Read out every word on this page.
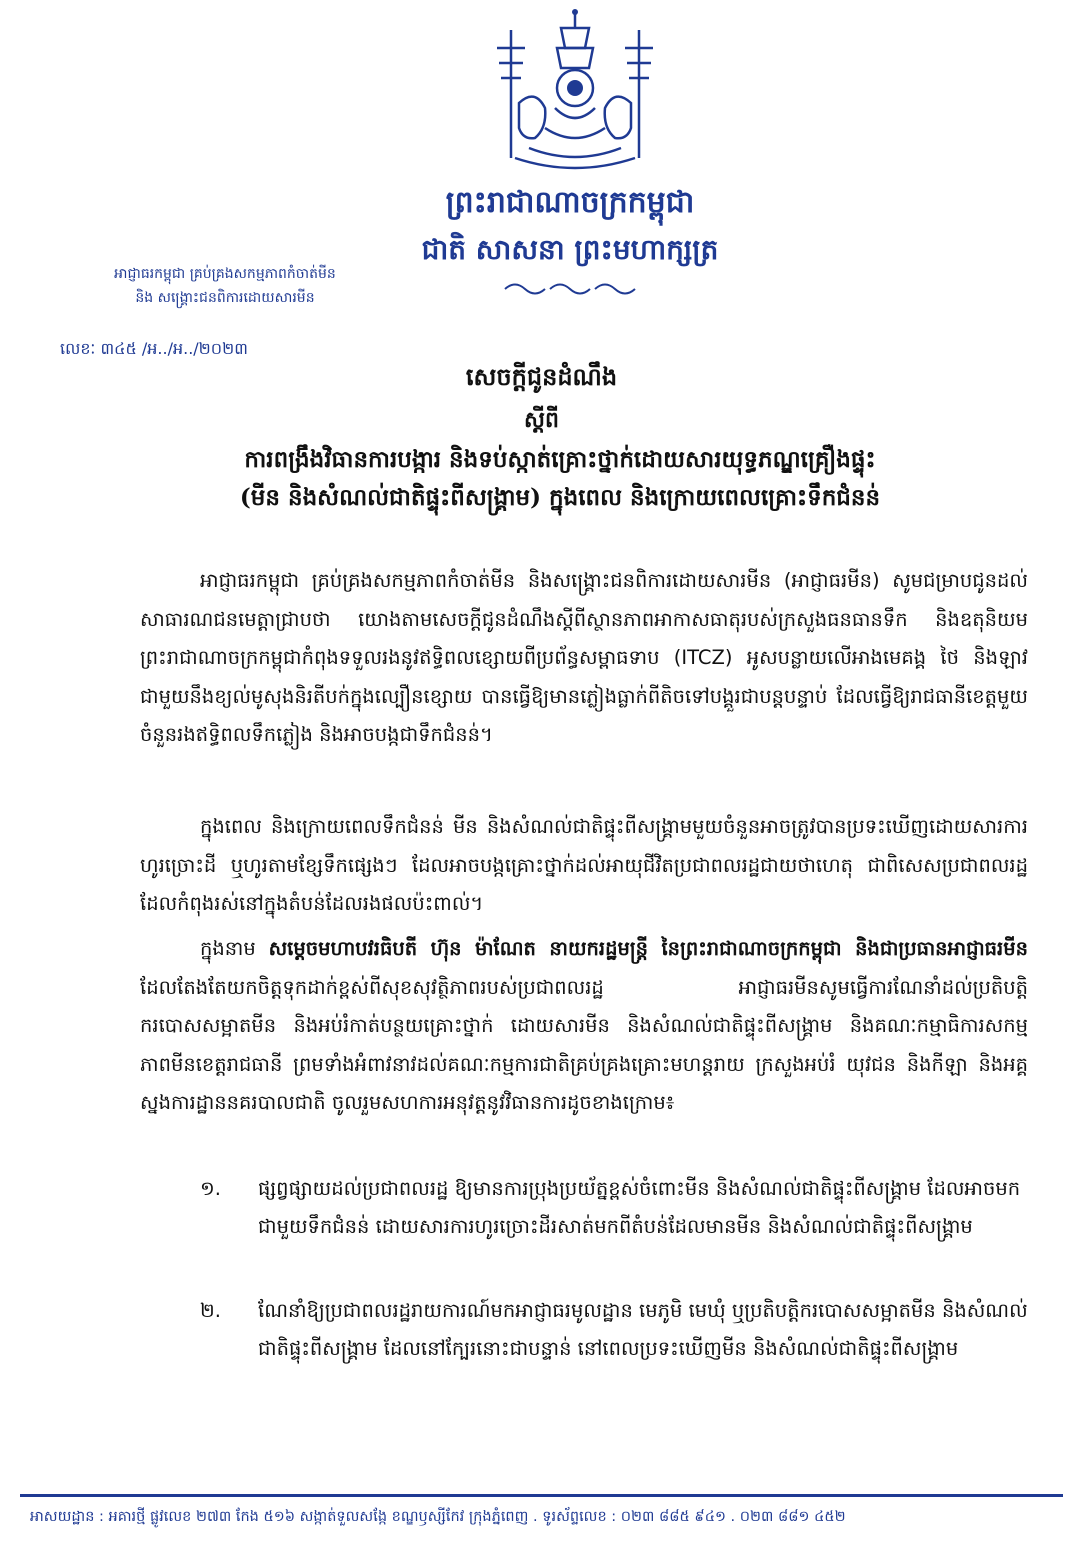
ព្រះរាជាណាចក្រកម្ពុជា
ជាតិ សាសនា ព្រះមហាក្សត្រ
អាជ្ញាធរកម្ពុជា គ្រប់គ្រងសកម្មភាពកំចាត់មីន
និង សង្គ្រោះជនពិការដោយសារមីន
លេខៈ ៣៤៥ ​/អ..​/អ..​/២០២៣
សេចក្តីជូនដំណឹង
ស្តីពី
ការពង្រឹងវិធានការបង្ការ និងទប់ស្កាត់គ្រោះថ្នាក់ដោយសារយុទ្ធភណ្ឌគ្រឿងផ្ទុះ
(មីន និងសំណល់ជាតិផ្ទុះពីសង្គ្រាម) ក្នុងពេល និងក្រោយពេលគ្រោះទឹកជំនន់
អាជ្ញាធរកម្ពុជា គ្រប់គ្រងសកម្មភាពកំចាត់មីន និងសង្គ្រោះជនពិការដោយសារមីន (អាជ្ញាធរមីន) សូមជម្រាបជូនដល់សាធារណជនមេត្តាជ្រាបថា យោងតាមសេចក្តីជូនដំណឹងស្តីពីស្ថានភាពអាកាសធាតុរបស់ក្រសួងធនធានទឹក និងឧតុនិយម ព្រះរាជាណាចក្រកម្ពុជាកំពុងទទួលរងនូវឥទ្ធិពលខ្សោយពីប្រព័ន្ធសម្ពាធទាប (ITCZ) អូសបន្លាយលើអាងមេគង្គ ថៃ និងឡាវ ជាមួយនឹងខ្យល់មូសុងនិរតីបក់ក្នុងល្បឿនខ្សោយ បានធ្វើឱ្យមានភ្លៀងធ្លាក់ពីតិចទៅបង្គួរជាបន្តបន្ទាប់ ដែលធ្វើឱ្យរាជធានីខេត្តមួយចំនួនរងឥទ្ធិពលទឹកភ្លៀង និងអាចបង្កជាទឹកជំនន់។
ក្នុងពេល និងក្រោយពេលទឹកជំនន់ មីន និងសំណល់ជាតិផ្ទុះពីសង្គ្រាមមួយចំនួនអាចត្រូវបានប្រទះឃើញដោយសារការហូរច្រោះដី ឬហូរតាមខ្សែទឹកផ្សេងៗ ដែលអាចបង្កគ្រោះថ្នាក់ដល់អាយុជីវិតប្រជាពលរដ្ឋជាយថាហេតុ ជាពិសេសប្រជាពលរដ្ឋដែលកំពុងរស់នៅក្នុងតំបន់ដែលរងផលប៉ះពាល់។
ក្នុងនាម សម្តេចមហាបវរធិបតី ហ៊ុន ម៉ាណែត នាយករដ្ឋមន្ត្រី នៃព្រះរាជាណាចក្រកម្ពុជា និងជាប្រធានអាជ្ញាធរមីន ដែលតែងតែយកចិត្តទុកដាក់ខ្ពស់ពីសុខសុវត្ថិភាពរបស់ប្រជាពលរដ្ឋ អាជ្ញាធរមីនសូមធ្វើការណែនាំដល់ប្រតិបត្តិករបោសសម្អាតមីន និងអប់រំកាត់បន្ថយគ្រោះថ្នាក់ ដោយសារមីន និងសំណល់ជាតិផ្ទុះពីសង្គ្រាម និងគណៈកម្មាធិការសកម្មភាពមីនខេត្តរាជធានី ព្រមទាំងអំពាវនាវដល់គណៈកម្មការជាតិគ្រប់គ្រងគ្រោះមហន្តរាយ ក្រសួងអប់រំ យុវជន និងកីឡា និងអគ្គស្នងការដ្ឋាននគរបាលជាតិ ចូលរួមសហការអនុវត្តនូវវិធានការដូចខាងក្រោម៖
១.	ផ្សព្វផ្សាយដល់ប្រជាពលរដ្ឋ ឱ្យមានការប្រុងប្រយ័ត្នខ្ពស់ចំពោះមីន និងសំណល់ជាតិផ្ទុះពីសង្គ្រាម ដែលអាចមកជាមួយទឹកជំនន់ ដោយសារការហូរច្រោះដីរសាត់មកពីតំបន់ដែលមានមីន និងសំណល់ជាតិផ្ទុះពីសង្គ្រាម
២.	ណែនាំឱ្យប្រជាពលរដ្ឋរាយការណ៍មកអាជ្ញាធរមូលដ្ឋាន មេភូមិ មេឃុំ ឬប្រតិបត្តិករបោសសម្អាតមីន និងសំណល់ជាតិផ្ទុះពីសង្គ្រាម ដែលនៅក្បែរនោះជាបន្ទាន់ នៅពេលប្រទះឃើញមីន និងសំណល់ជាតិផ្ទុះពីសង្គ្រាម
អាសយដ្ឋាន : អគារថ្មី ផ្លូវលេខ ២៧៣ កែង ៥១៦ សង្កាត់ទួលសង្កែ ខណ្ឌឫស្សីកែវ ក្រុងភ្នំពេញ . ទូរស័ព្ទលេខ : ០២៣ ៨៨៥ ៩៤១ . ០២៣ ៨៨១ ៤៥២
